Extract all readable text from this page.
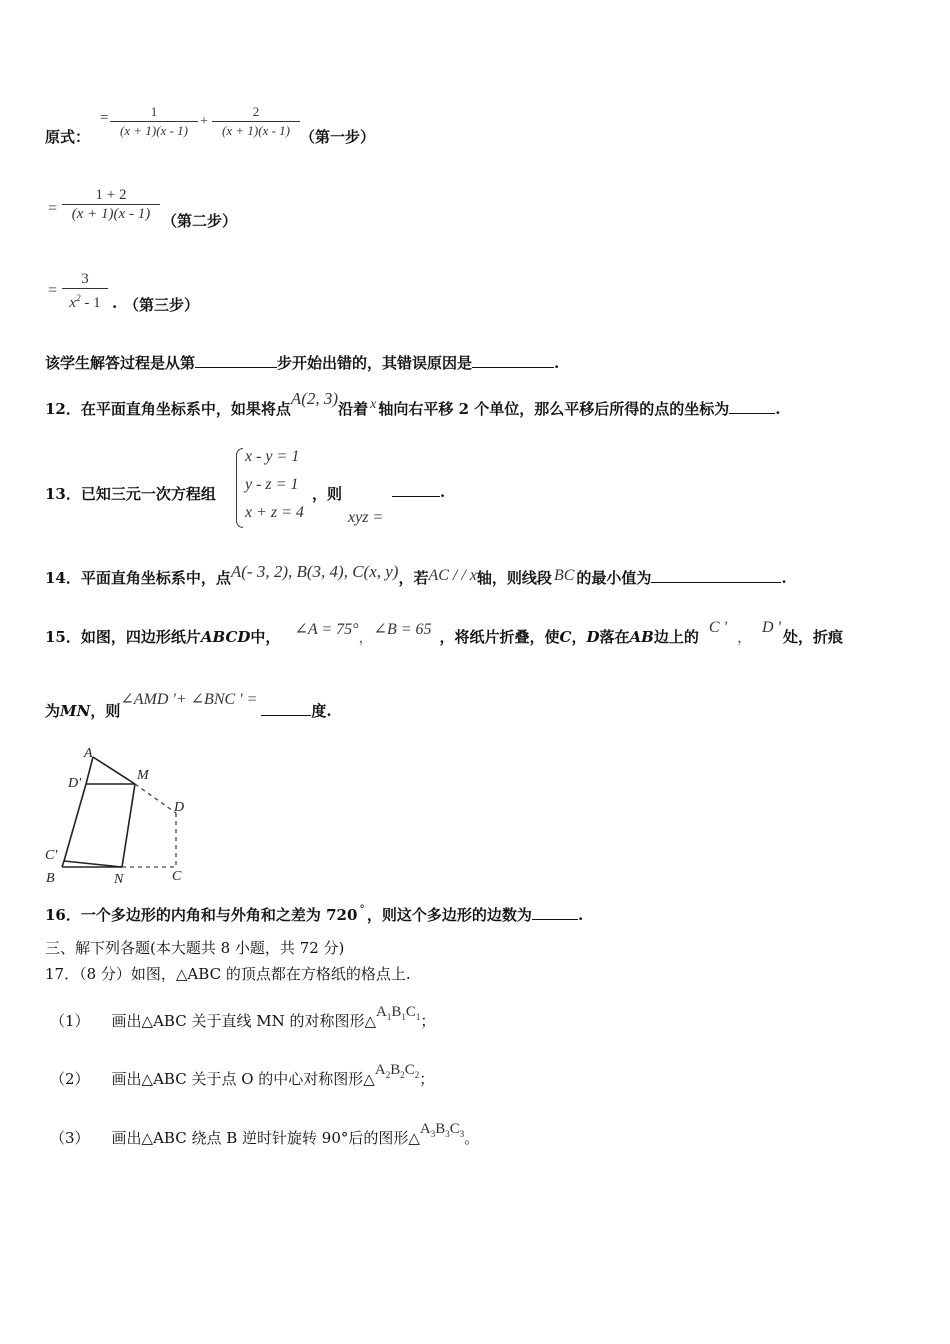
原式：
=	1
(x + 1)(x - 1)
+
2
(x + 1)(x - 1) （第一步）
=
1 + 2
(x + 1)(x - 1) （第二步）
=
3
$x^2 - 1$ . （第三步）
该学生解答过程是从第	步开始出错的，其错误原因是	.
12．在平面直角坐标系中，如果将点A(2, 3)沿着 x 轴向右平移 2 个单位，那么平移后所得的点的坐标为	.
13．已知三元一次方程组
x - y = 1
y - z = 1
x + z = 4
，则
xyz =
.
14．平面直角坐标系中，点A(- 3, 2), B(3, 4), C(x, y)，若AC / / x轴，则线段 BC 的最小值为	.
15．如图，四边形纸片ABCD中， ∠A = 75°，∠B = 65 ，将纸片折叠，使C，D落在AB边上的C '，D '处，折痕
为MN，则∠AMD '+ ∠BNC ' =度.
A
M
D'
D
C'
B	N	C
16．一个多边形的内角和与外角和之差为 720 ° ，则这个多边形的边数为	.
三、解下列各题(本大题共 8 小题，共 72 分)
17．（8 分）如图，△ABC 的顶点都在方格纸的格点上.
（1） 画出△ABC 关于直线 MN 的对称图形$\triangle A_1B_1C_1$；
（2） 画出△ABC 关于点 O 的中心对称图形$\triangle A_2B_2C_2$；
（3） 画出△ABC 绕点 B 逆时针旋转 90°后的图形$\triangle A_3B_3C_3$。
